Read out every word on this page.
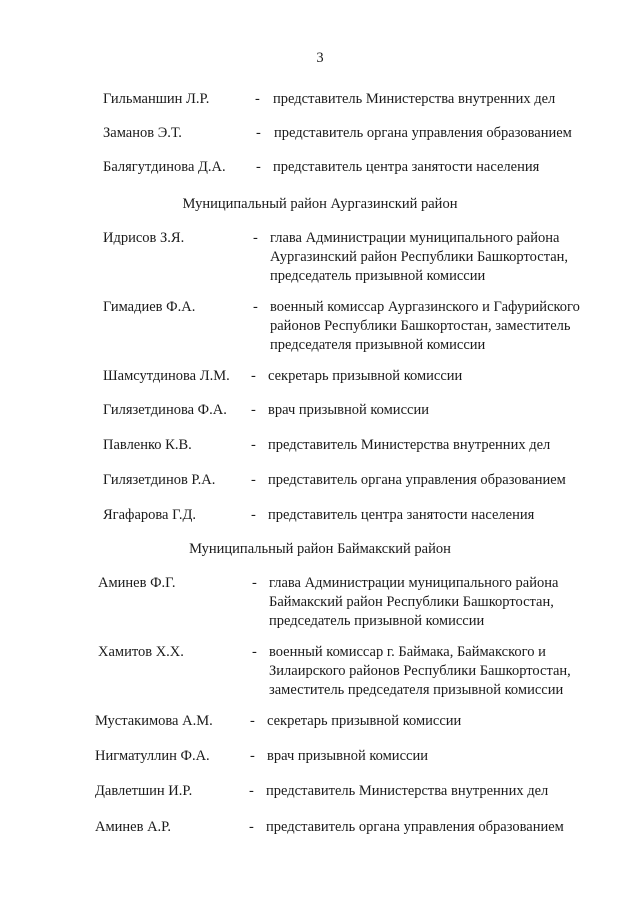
3
Гильманшин Л.Р.	- представитель Министерства внутренних дел
Заманов Э.Т.	- представитель органа управления образованием
Балягутдинова Д.А. - представитель центра занятости населения
Муниципальный район Аургазинский район
Идрисов З.Я.	- глава Администрации муниципального района
Аургазинский район Республики Башкортостан,
председатель призывной комиссии
Гимадиев Ф.А.	- военный комиссар Аургазинского и Гафурийского
районов Республики Башкортостан, заместитель
председателя призывной комиссии
Шамсутдинова Л.М. - секретарь призывной комиссии
Гилязетдинова Ф.А. - врач призывной комиссии
Павленко К.В.	- представитель Министерства внутренних дел
Гилязетдинов Р.А. - представитель органа управления образованием
Ягафарова Г.Д.	- представитель центра занятости населения
Муниципальный район Баймакский район
Аминев Ф.Г.	- глава Администрации муниципального района
Баймакский район Республики Башкортостан,
председатель призывной комиссии
Хамитов Х.Х.	- военный комиссар г. Баймака, Баймакского и
Зилаирского районов Республики Башкортостан,
заместитель председателя призывной комиссии
Мустакимова А.М.	- секретарь призывной комиссии
Нигматуллин Ф.А.	- врач призывной комиссии
Давлетшин И.Р.	- представитель Министерства внутренних дел
Аминев А.Р.	- представитель органа управления образованием
